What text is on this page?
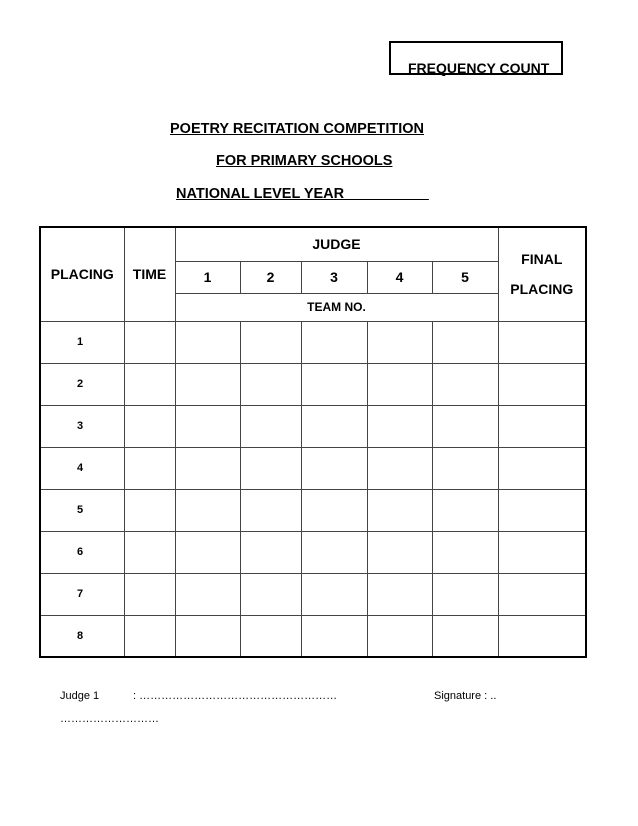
FREQUENCY COUNT
POETRY RECITATION COMPETITION
FOR PRIMARY SCHOOLS
NATIONAL LEVEL YEAR __________
PLACING	TIME	JUDGE					FINAL
PLACING

		1	2	3	4	5	
		TEAM NO.					
1							
2							
3							
4							
5							
6							
7							
8							
Judge 1	: ………………………………………………	Signature : ..
………………………
